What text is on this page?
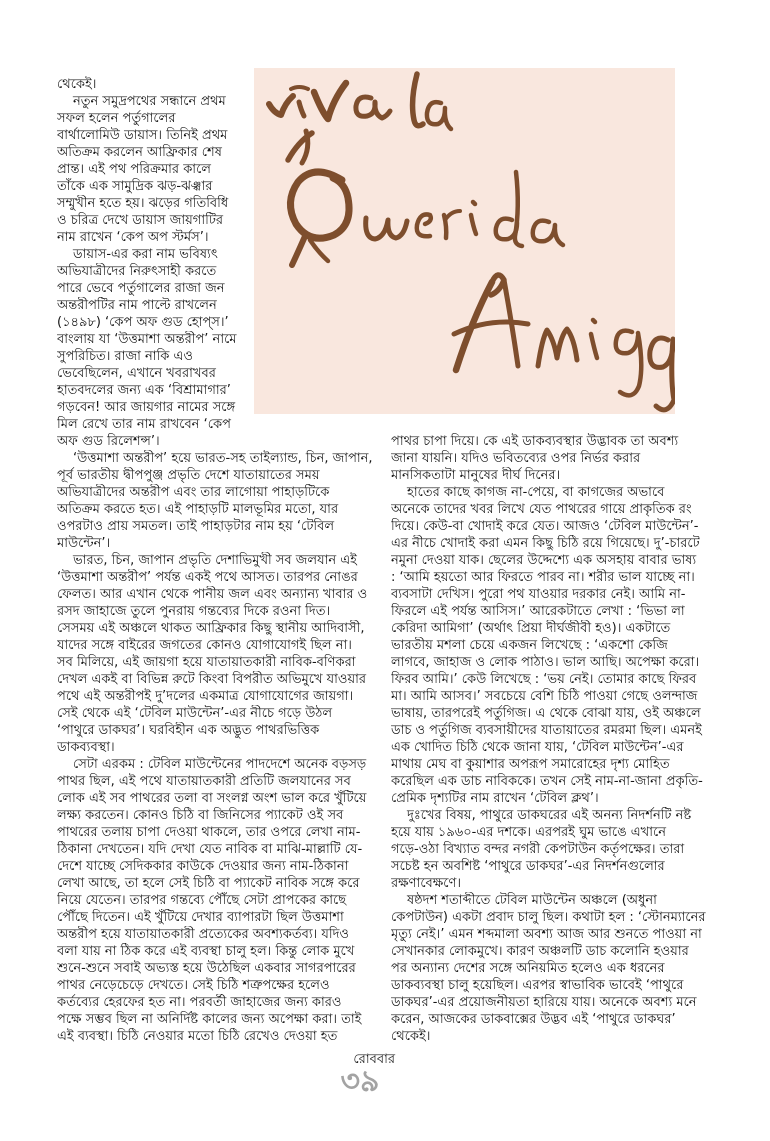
থেকেই।
নতুন সমুদ্রপথের সন্ধানে প্রথম
সফল হলেন পর্তুগালের
বার্থালোমিউ ডায়াস। তিনিই প্রথম
অতিক্রম করলেন আফ্রিকার শেষ
প্রান্ত। এই পথ পরিক্রমার কালে
তাঁকে এক সামুদ্রিক ঝড়-ঝঞ্ঝার
সম্মুখীন হতে হয়। ঝড়ের গতিবিধি
ও চরিত্র দেখে ডায়াস জায়গাটির
নাম রাখেন ‘কেপ অপ স্টর্মস’।
ডায়াস-এর করা নাম ভবিষ্যৎ
অভিযাত্রীদের নিরুৎসাহী করতে
পারে ভেবে পর্তুগালের রাজা জন
অন্তরীপটির নাম পাল্টে রাখলেন
(১৪৯৮) ‘কেপ অফ গুড হোপ্‌স।’
বাংলায় যা ‘উত্তমাশা অন্তরীপ’ নামে
সুপরিচিত। রাজা নাকি এও
ভেবেছিলেন, এখানে খবরাখবর
হাতবদলের জন্য এক ‘বিশ্রামাগার’
গড়বেন! আর জায়গার নামের সঙ্গে
মিল রেখে তার নাম রাখবেন ‘কেপ
অফ গুড রিলেশন্স’।
‘উত্তমাশা অন্তরীপ’ হয়ে ভারত-সহ তাইল্যান্ড, চিন, জাপান,
পূর্ব ভারতীয় দ্বীপপুঞ্জ প্রভৃতি দেশে যাতায়াতের সময়
অভিযাত্রীদের অন্তরীপ এবং তার লাগোয়া পাহাড়টিকে
অতিক্রম করতে হত। এই পাহাড়টি মালভূমির মতো, যার
ওপরটাও প্রায় সমতল। তাই পাহাড়টার নাম হয় ‘টেবিল
মাউন্টেন’।
ভারত, চিন, জাপান প্রভৃতি দেশাভিমুখী সব জলযান এই
‘উত্তমাশা অন্তরীপ’ পর্যন্ত একই পথে আসত। তারপর নোঙর
ফেলত। আর এখান থেকে পানীয় জল এবং অন্যান্য খাবার ও
রসদ জাহাজে তুলে পুনরায় গন্তব্যের দিকে রওনা দিত।
সেসময় এই অঞ্চলে থাকত আফ্রিকার কিছু স্থানীয় আদিবাসী,
যাদের সঙ্গে বাইরের জগতের কোনও যোগাযোগই ছিল না।
সব মিলিয়ে, এই জায়গা হয়ে যাতায়াতকারী নাবিক-বণিকরা
দেখল একই বা বিভিন্ন রুটে কিংবা বিপরীত অভিমুখে যাওয়ার
পথে এই অন্তরীপই দু’দলের একমাত্র যোগাযোগের জায়গা।
সেই থেকে এই ‘টেবিল মাউন্টেন’-এর নীচে গড়ে উঠল
‘পাথুরে ডাকঘর’। ঘরবিহীন এক অদ্ভুত পাথরভিত্তিক
ডাকব্যবস্থা।
সেটা এরকম : টেবিল মাউন্টেনের পাদদেশে অনেক বড়সড়
পাথর ছিল, এই পথে যাতায়াতকারী প্রতিটি জলযানের সব
লোক এই সব পাথরের তলা বা সংলগ্ন অংশ ভাল করে খুঁটিয়ে
লক্ষ্য করতেন। কোনও চিঠি বা জিনিসের প্যাকেট ওই সব
পাথরের তলায় চাপা দেওয়া থাকলে, তার ওপরে লেখা নাম-
ঠিকানা দেখতেন। যদি দেখা যেত নাবিক বা মাঝি-মাল্লাটি যে-
দেশে যাচ্ছে সেদিককার কাউকে দেওয়ার জন্য নাম-ঠিকানা
লেখা আছে, তা হলে সেই চিঠি বা প্যাকেট নাবিক সঙ্গে করে
নিয়ে যেতেন। তারপর গন্তব্যে পৌঁছে সেটা প্রাপকের কাছে
পৌঁছে দিতেন। এই খুঁটিয়ে দেখার ব্যাপারটা ছিল উত্তমাশা
অন্তরীপ হয়ে যাতায়াতকারী প্রত্যেকের অবশ্যকর্তব্য। যদিও
বলা যায় না ঠিক করে এই ব্যবস্থা চালু হল। কিন্তু লোক মুখে
শুনে-শুনে সবাই অভ্যস্ত হয়ে উঠেছিল একবার সাগরপারের
পাথর নেড়েচেড়ে দেখতে। সেই চিঠি শত্রুপক্ষের হলেও
কর্তব্যের হেরফের হত না। পরবর্তী জাহাজের জন্য কারও
পক্ষে সম্ভব ছিল না অনির্দিষ্ট কালের জন্য অপেক্ষা করা। তাই
এই ব্যবস্থা। চিঠি নেওয়ার মতো চিঠি রেখেও দেওয়া হত
পাথর চাপা দিয়ে। কে এই ডাকব্যবস্থার উদ্ভাবক তা অবশ্য
জানা যায়নি। যদিও ভবিতব্যের ওপর নির্ভর করার
মানসিকতাটা মানুষের দীর্ঘ দিনের।
হাতের কাছে কাগজ না-পেয়ে, বা কাগজের অভাবে
অনেকে তাদের খবর লিখে যেত পাথরের গায়ে প্রাকৃতিক রং
দিয়ে। কেউ-বা খোদাই করে যেত। আজও ‘টেবিল মাউন্টেন’-
এর নীচে খোদাই করা এমন কিছু চিঠি রয়ে গিয়েছে। দু’-চারটে
নমুনা দেওয়া যাক। ছেলের উদ্দেশ্যে এক অসহায় বাবার ভাষ্য
: ‘আমি হয়তো আর ফিরতে পারব না। শরীর ভাল যাচ্ছে না।
ব্যবসাটা দেখিস। পুরো পথ যাওয়ার দরকার নেই। আমি না-
ফিরলে এই পর্যন্ত আসিস।’ আরেকটাতে লেখা : ‘ভিভা লা
কেরিদা আমিগা’ (অর্থাৎ প্রিয়া দীর্ঘজীবী হও)। একটাতে
ভারতীয় মশলা চেয়ে একজন লিখেছে : ‘একশো কেজি
লাগবে, জাহাজ ও লোক পাঠাও। ভাল আছি। অপেক্ষা করো।
ফিরব আমি।’ কেউ লিখেছে : ‘ভয় নেই। তোমার কাছে ফিরব
মা। আমি আসব।’ সবচেয়ে বেশি চিঠি পাওয়া গেছে ওলন্দাজ
ভাষায়, তারপরেই পর্তুগিজ। এ থেকে বোঝা যায়, ওই অঞ্চলে
ডাচ ও পর্তুগিজ ব্যবসায়ীদের যাতায়াতের রমরমা ছিল। এমনই
এক খোদিত চিঠি থেকে জানা যায়, ‘টেবিল মাউন্টেন’-এর
মাথায় মেঘ বা কুয়াশার অপরূপ সমারোহের দৃশ্য মোহিত
করেছিল এক ডাচ নাবিককে। তখন সেই নাম-না-জানা প্রকৃতি-
প্রেমিক দৃশ্যটির নাম রাখেন ‘টেবিল ক্লথ’।
দুঃখের বিষয়, পাথুরে ডাকঘরের এই অনন্য নিদর্শনটি নষ্ট
হয়ে যায় ১৯৬০-এর দশকে। এরপরই ঘুম ভাঙে এখানে
গড়ে-ওঠা বিখ্যাত বন্দর নগরী কেপটাউন কর্তৃপক্ষের। তারা
সচেষ্ট হন অবশিষ্ট ‘পাথুরে ডাকঘর’-এর নিদর্শনগুলোর
রক্ষণাবেক্ষণে।
ষষ্ঠদশ শতাব্দীতে টেবিল মাউন্টেন অঞ্চলে (অধুনা
কেপটাউন) একটা প্রবাদ চালু ছিল। কথাটা হল : ‘স্টোনম্যানের
মৃত্যু নেই।’ এমন শব্দমালা অবশ্য আজ আর শুনতে পাওয়া না
সেখানকার লোকমুখে। কারণ অঞ্চলটি ডাচ কলোনি হওয়ার
পর অন্যান্য দেশের সঙ্গে অনিয়মিত হলেও এক ধরনের
ডাকব্যবস্থা চালু হয়েছিল। এরপর স্বাভাবিক ভাবেই ‘পাথুরে
ডাকঘর’-এর প্রয়োজনীয়তা হারিয়ে যায়। অনেকে অবশ্য মনে
করেন, আজকের ডাকবাক্সের উদ্ভব এই ‘পাথুরে ডাকঘর’
থেকেই।
রোববার
৩৯
